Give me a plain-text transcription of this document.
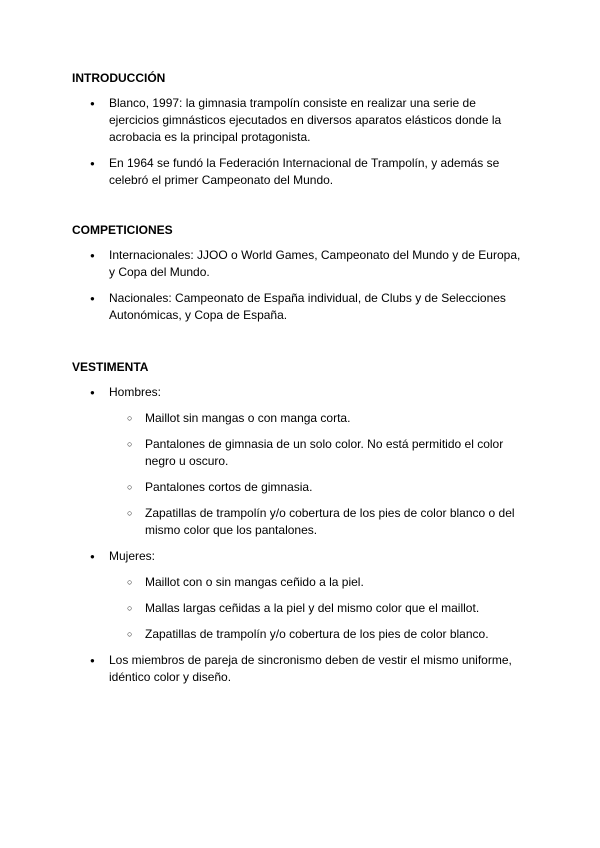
INTRODUCCIÓN
● Blanco, 1997: la gimnasia trampolín consiste en realizar una serie de ejercicios gimnásticos ejecutados en diversos aparatos elásticos donde la acrobacia es la principal protagonista.
● En 1964 se fundó la Federación Internacional de Trampolín, y además se celebró el primer Campeonato del Mundo.
COMPETICIONES
● Internacionales: JJOO o World Games, Campeonato del Mundo y de Europa, y Copa del Mundo.
● Nacionales: Campeonato de España individual, de Clubs y de Selecciones Autonómicas, y Copa de España.
VESTIMENTA
● Hombres:
○ Maillot sin mangas o con manga corta.
○ Pantalones de gimnasia de un solo color. No está permitido el color negro u oscuro.
○ Pantalones cortos de gimnasia.
○ Zapatillas de trampolín y/o cobertura de los pies de color blanco o del mismo color que los pantalones.
● Mujeres:
○ Maillot con o sin mangas ceñido a la piel.
○ Mallas largas ceñidas a la piel y del mismo color que el maillot.
○ Zapatillas de trampolín y/o cobertura de los pies de color blanco.
● Los miembros de pareja de sincronismo deben de vestir el mismo uniforme, idéntico color y diseño.
